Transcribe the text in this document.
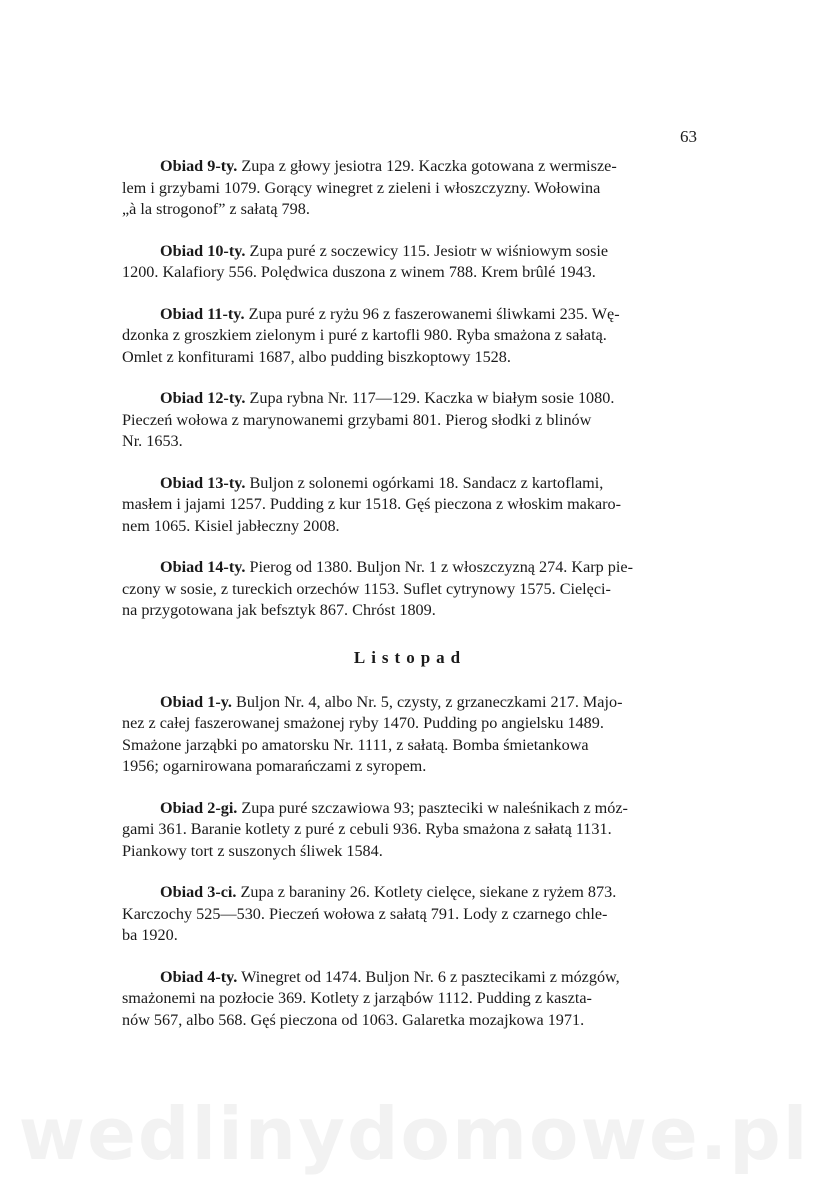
63
Obiad 9-ty. Zupa z głowy jesiotra 129. Kaczka gotowana z wermisze-
lem i grzybami 1079. Gorący winegret z zieleni i włoszczyzny. Wołowina
„à la strogonof” z sałatą 798.
Obiad 10-ty. Zupa puré z soczewicy 115. Jesiotr w wiśniowym sosie
1200. Kalafiory 556. Polędwica duszona z winem 788. Krem brûlé 1943.
Obiad 11-ty. Zupa puré z ryżu 96 z faszerowanemi śliwkami 235. Wę-
dzonka z groszkiem zielonym i puré z kartofli 980. Ryba smażona z sałatą.
Omlet z konfiturami 1687, albo pudding biszkoptowy 1528.
Obiad 12-ty. Zupa rybna Nr. 117—129. Kaczka w białym sosie 1080.
Pieczeń wołowa z marynowanemi grzybami 801. Pierog słodki z blinów
Nr. 1653.
Obiad 13-ty. Buljon z solonemi ogórkami 18. Sandacz z kartoflami,
masłem i jajami 1257. Pudding z kur 1518. Gęś pieczona z włoskim makaro-
nem 1065. Kisiel jabłeczny 2008.
Obiad 14-ty. Pierog od 1380. Buljon Nr. 1 z włoszczyzną 274. Karp pie-
czony w sosie, z tureckich orzechów 1153. Suflet cytrynowy 1575. Cielęci-
na przygotowana jak befsztyk 867. Chróst 1809.
Listopad
Obiad 1-y. Buljon Nr. 4, albo Nr. 5, czysty, z grzaneczkami 217. Majo-
nez z całej faszerowanej smażonej ryby 1470. Pudding po angielsku 1489.
Smażone jarząbki po amatorsku Nr. 1111, z sałatą. Bomba śmietankowa
1956; ogarnirowana pomarańczami z syropem.
Obiad 2-gi. Zupa puré szczawiowa 93; paszteciki w naleśnikach z móz-
gami 361. Baranie kotlety z puré z cebuli 936. Ryba smażona z sałatą 1131.
Piankowy tort z suszonych śliwek 1584.
Obiad 3-ci. Zupa z baraniny 26. Kotlety cielęce, siekane z ryżem 873.
Karczochy 525—530. Pieczeń wołowa z sałatą 791. Lody z czarnego chle-
ba 1920.
Obiad 4-ty. Winegret od 1474. Buljon Nr. 6 z pasztecikami z mózgów,
smażonemi na pozłocie 369. Kotlety z jarząbów 1112. Pudding z kaszta-
nów 567, albo 568. Gęś pieczona od 1063. Galaretka mozajkowa 1971.
wedlinydomowe.pl
